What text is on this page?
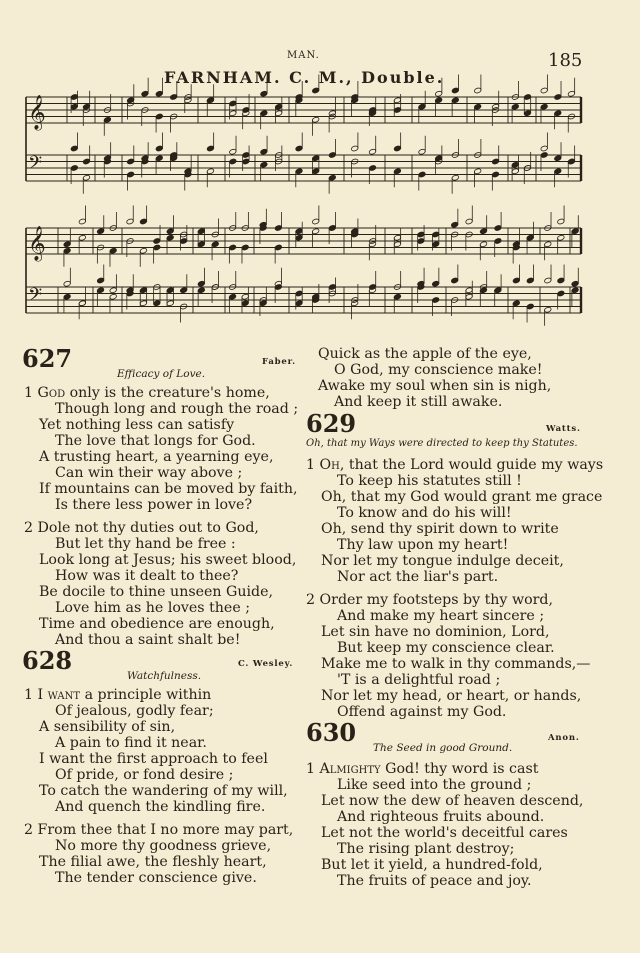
MAN.	185
FARNHAM. C. M., Double.
𝄞
𝄢
𝄞
𝄢
627
Efficacy of Love.
Faber.
1 God only is the creature's home,
Though long and rough the road ;
Yet nothing less can satisfy
The love that longs for God.
A trusting heart, a yearning eye,
Can win their way above ;
If mountains can be moved by faith,
Is there less power in love?
2 Dole not thy duties out to God,
But let thy hand be free :
Look long at Jesus; his sweet blood,
How was it dealt to thee?
Be docile to thine unseen Guide,
Love him as he loves thee ;
Time and obedience are enough,
And thou a saint shalt be!
628
Watchfulness.
C. Wesley.
1 I want a principle within
Of jealous, godly fear;
A sensibility of sin,
A pain to find it near.
I want the first approach to feel
Of pride, or fond desire ;
To catch the wandering of my will,
And quench the kindling fire.
2 From thee that I no more may part,
No more thy goodness grieve,
The filial awe, the fleshly heart,
The tender conscience give.
Quick as the apple of the eye,
O God, my conscience make!
Awake my soul when sin is nigh,
And keep it still awake.
629	Watts.
Oh, that my Ways were directed to keep thy Statutes.
1 Oh, that the Lord would guide my ways
To keep his statutes still !
Oh, that my God would grant me grace
To know and do his will!
Oh, send thy spirit down to write
Thy law upon my heart!
Nor let my tongue indulge deceit,
Nor act the liar's part.
2 Order my footsteps by thy word,
And make my heart sincere ;
Let sin have no dominion, Lord,
But keep my conscience clear.
Make me to walk in thy commands,—
'T is a delightful road ;
Nor let my head, or heart, or hands,
Offend against my God.
630	Anon.
The Seed in good Ground.
1 Almighty God! thy word is cast
Like seed into the ground ;
Let now the dew of heaven descend,
And righteous fruits abound.
Let not the world's deceitful cares
The rising plant destroy;
But let it yield, a hundred-fold,
The fruits of peace and joy.
